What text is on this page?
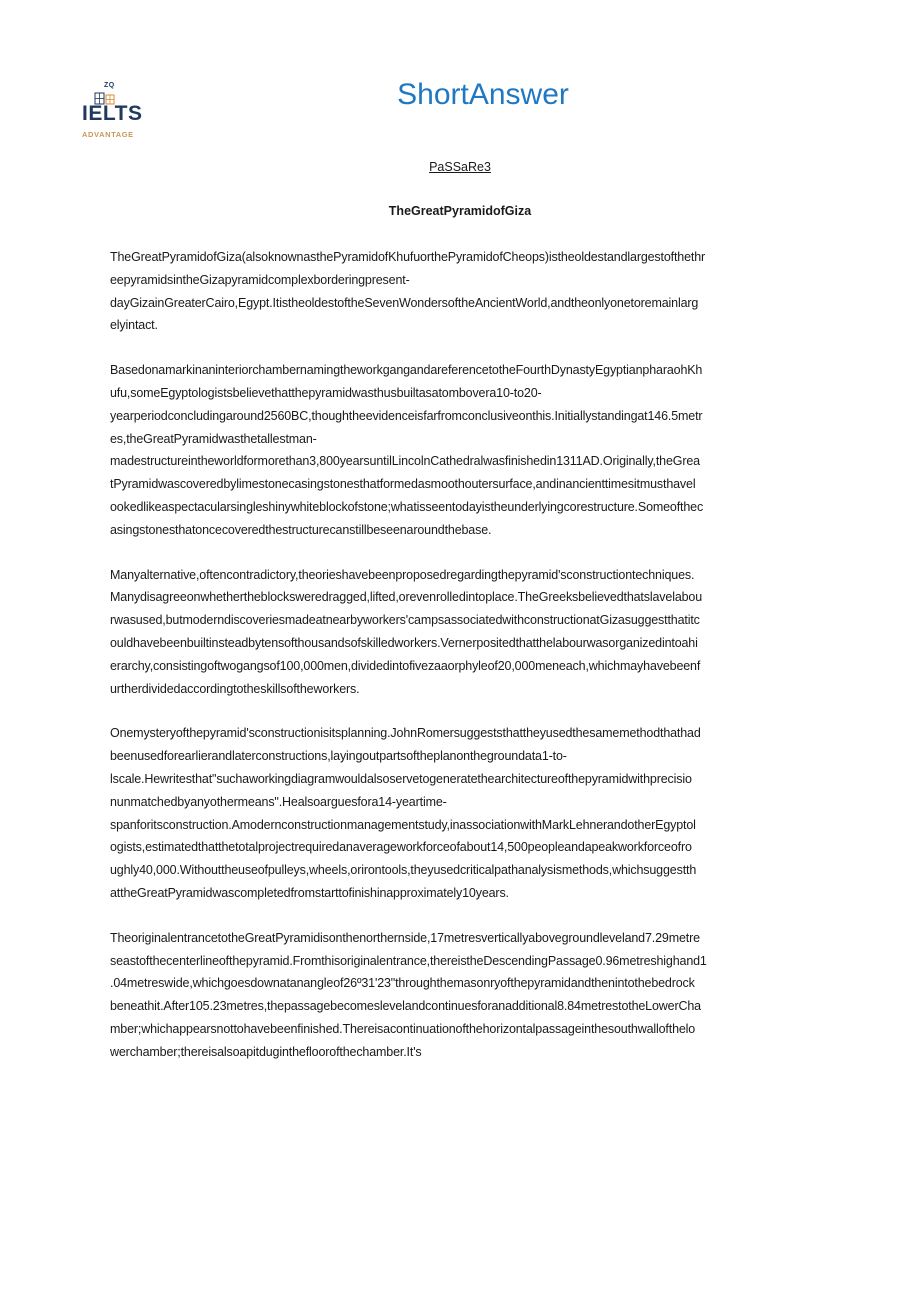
ZQ
IELTS
ADVANTAGE
ShortAnswer
PaSSaRe3
TheGreatPyramidofGiza
TheGreatPyramidofGiza(alsoknownasthePyramidofKhufuorthePyramidofCheops)istheoldestandlargestofthethr
eepyramidsintheGizapyramidcomplexborderingpresent-
dayGizainGreaterCairo,Egypt.ItistheoldestoftheSevenWondersoftheAncientWorld,andtheonlyonetoremainlarg
elyintact.
BasedonamarkinaninteriorchambernamingtheworkgangandareferencetotheFourthDynastyEgyptianpharaohKh
ufu,someEgyptologistsbelievethatthepyramidwasthusbuiltasatombovera10-to20-
yearperiodconcludingaround2560BC,thoughtheevidenceisfarfromconclusiveonthis.Initiallystandingat146.5metr
es,theGreatPyramidwasthetallestman-
madestructureintheworldformorethan3,800yearsuntilLincolnCathedralwasfinishedin1311AD.Originally,theGrea
tPyramidwascoveredbylimestonecasingstonesthatformedasmoothoutersurface,andinancienttimesitmusthavel
ookedlikeaspectacularsingleshinywhiteblockofstone;whatisseentodayistheunderlyingcorestructure.Someofthec
asingstonesthatoncecoveredthestructurecanstillbeseenaroundthebase.
Manyalternative,oftencontradictory,theorieshavebeenproposedregardingthepyramid'sconstructiontechniques.
Manydisagreeonwhethertheblocksweredragged,lifted,orevenrolledintoplace.TheGreeksbelievedthatslavelabou
rwasused,butmoderndiscoveriesmadeatnearbyworkers'campsassociatedwithconstructionatGizasuggestthatitc
ouldhavebeenbuiltinsteadbytensofthousandsofskilledworkers.Vernerpositedthatthelabourwasorganizedintoahi
erarchy,consistingoftwogangsof100,000men,dividedintofivezaaorphyleof20,000meneach,whichmayhavebeenf
urtherdividedaccordingtotheskillsoftheworkers.
Onemysteryofthepyramid'sconstructionisitsplanning.JohnRomersuggeststhattheyusedthesamemethodthathad
beenusedforearlierandlaterconstructions,layingoutpartsoftheplanonthegroundata1-to-
lscale.Hewritesthat"suchaworkingdiagramwouldalsoservetogeneratethearchitectureofthepyramidwithprecisio
nunmatchedbyanyothermeans".Healsoarguesfora14-yeartime-
spanforitsconstruction.Amodernconstructionmanagementstudy,inassociationwithMarkLehnerandotherEgyptol
ogists,estimatedthatthetotalprojectrequiredanaverageworkforceofabout14,500peopleandapeakworkforceofro
ughly40,000.Withouttheuseofpulleys,wheels,orirontools,theyusedcriticalpathanalysismethods,whichsuggestth
attheGreatPyramidwascompletedfromstarttofinishinapproximately10years.
TheoriginalentrancetotheGreatPyramidisonthenorthernside,17metresverticallyabovegroundleveland7.29metre
seastofthecenterlineofthepyramid.Fromthisoriginalentrance,thereistheDescendingPassage0.96metreshighand1
.04metreswide,whichgoesdownatanangleof26º31'23"throughthemasonryofthepyramidandthenintothebedrock
beneathit.After105.23metres,thepassagebecomeslevelandcontinuesforanadditional8.84metrestotheLowerCha
mber;whichappearsnottohavebeenfinished.Thereisacontinuationofthehorizontalpassageinthesouthwallofthelo
werchamber;thereisalsoapitduginthefloorofthechamber.It's
